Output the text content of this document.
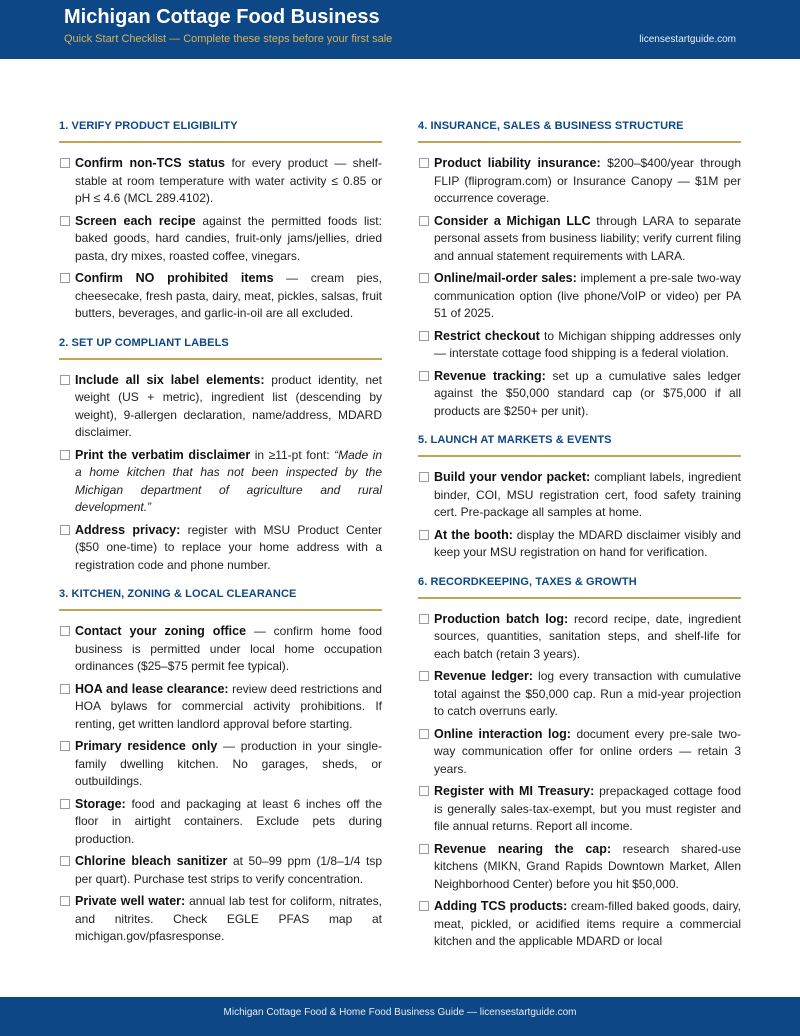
Michigan Cottage Food Business
Quick Start Checklist — Complete these steps before your first sale	licensestartguide.com
1. VERIFY PRODUCT ELIGIBILITY
Confirm non-TCS status for every product — shelf-stable at room temperature with water activity ≤ 0.85 or pH ≤ 4.6 (MCL 289.4102).
Screen each recipe against the permitted foods list: baked goods, hard candies, fruit-only jams/jellies, dried pasta, dry mixes, roasted coffee, vinegars.
Confirm NO prohibited items — cream pies, cheesecake, fresh pasta, dairy, meat, pickles, salsas, fruit butters, beverages, and garlic-in-oil are all excluded.
2. SET UP COMPLIANT LABELS
Include all six label elements: product identity, net weight (US + metric), ingredient list (descending by weight), 9-allergen declaration, name/address, MDARD disclaimer.
Print the verbatim disclaimer in ≥11-pt font: “Made in a home kitchen that has not been inspected by the Michigan department of agriculture and rural development.”
Address privacy: register with MSU Product Center ($50 one-time) to replace your home address with a registration code and phone number.
3. KITCHEN, ZONING & LOCAL CLEARANCE
Contact your zoning office — confirm home food business is permitted under local home occupation ordinances ($25–$75 permit fee typical).
HOA and lease clearance: review deed restrictions and HOA bylaws for commercial activity prohibitions. If renting, get written landlord approval before starting.
Primary residence only — production in your single-family dwelling kitchen. No garages, sheds, or outbuildings.
Storage: food and packaging at least 6 inches off the floor in airtight containers. Exclude pets during production.
Chlorine bleach sanitizer at 50–99 ppm (1/8–1/4 tsp per quart). Purchase test strips to verify concentration.
Private well water: annual lab test for coliform, nitrates, and nitrites. Check EGLE PFAS map at michigan.gov/pfasresponse.
4. INSURANCE, SALES & BUSINESS STRUCTURE
Product liability insurance: $200–$400/year through FLIP (fliprogram.com) or Insurance Canopy — $1M per occurrence coverage.
Consider a Michigan LLC through LARA to separate personal assets from business liability; verify current filing and annual statement requirements with LARA.
Online/mail-order sales: implement a pre-sale two-way communication option (live phone/VoIP or video) per PA 51 of 2025.
Restrict checkout to Michigan shipping addresses only — interstate cottage food shipping is a federal violation.
Revenue tracking: set up a cumulative sales ledger against the $50,000 standard cap (or $75,000 if all products are $250+ per unit).
5. LAUNCH AT MARKETS & EVENTS
Build your vendor packet: compliant labels, ingredient binder, COI, MSU registration cert, food safety training cert. Pre-package all samples at home.
At the booth: display the MDARD disclaimer visibly and keep your MSU registration on hand for verification.
6. RECORDKEEPING, TAXES & GROWTH
Production batch log: record recipe, date, ingredient sources, quantities, sanitation steps, and shelf-life for each batch (retain 3 years).
Revenue ledger: log every transaction with cumulative total against the $50,000 cap. Run a mid-year projection to catch overruns early.
Online interaction log: document every pre-sale two-way communication offer for online orders — retain 3 years.
Register with MI Treasury: prepackaged cottage food is generally sales-tax-exempt, but you must register and file annual returns. Report all income.
Revenue nearing the cap: research shared-use kitchens (MIKN, Grand Rapids Downtown Market, Allen Neighborhood Center) before you hit $50,000.
Adding TCS products: cream-filled baked goods, dairy, meat, pickled, or acidified items require a commercial kitchen and the applicable MDARD or local
Michigan Cottage Food & Home Food Business Guide — licensestartguide.com
